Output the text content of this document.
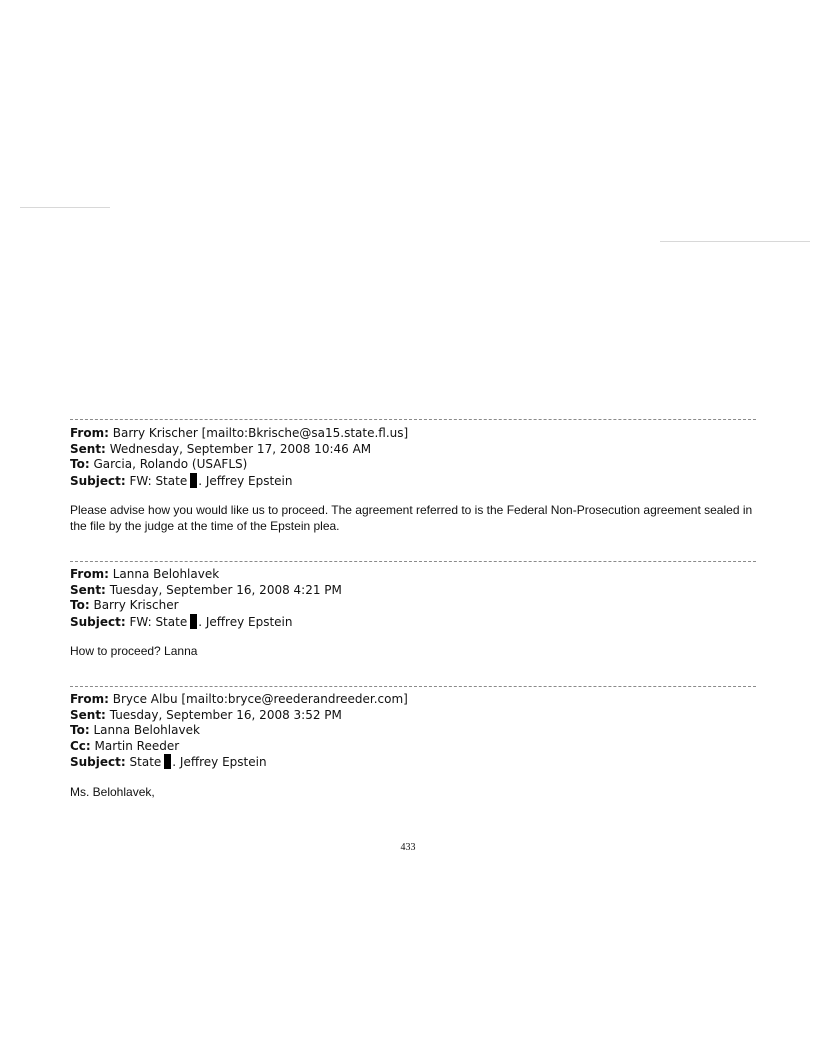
From: Barry Krischer [mailto:Bkrische@sa15.state.fl.us]
Sent: Wednesday, September 17, 2008 10:46 AM
To: Garcia, Rolando (USAFLS)
Subject: FW: State . Jeffrey Epstein
Please advise how you would like us to proceed. The agreement referred to is the Federal Non-Prosecution agreement sealed in the file by the judge at the time of the Epstein plea.
From: Lanna Belohlavek
Sent: Tuesday, September 16, 2008 4:21 PM
To: Barry Krischer
Subject: FW: State . Jeffrey Epstein
How to proceed? Lanna
From: Bryce Albu [mailto:bryce@reederandreeder.com]
Sent: Tuesday, September 16, 2008 3:52 PM
To: Lanna Belohlavek
Cc: Martin Reeder
Subject: State . Jeffrey Epstein
Ms. Belohlavek,
433
